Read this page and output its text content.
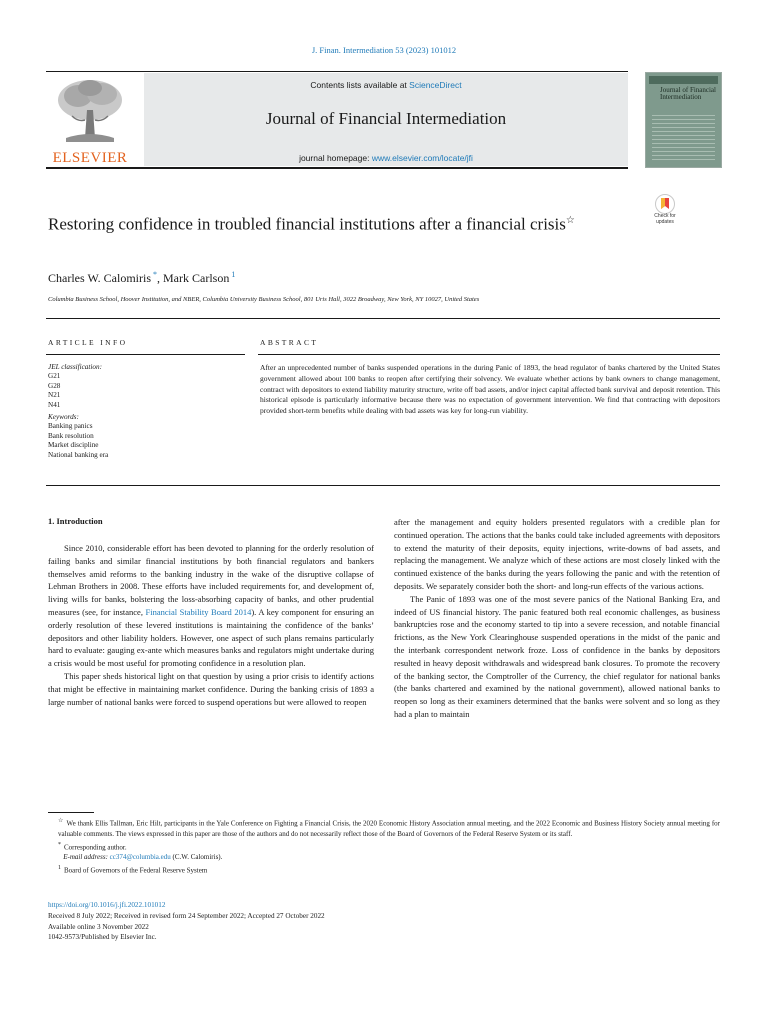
J. Finan. Intermediation 53 (2023) 101012
ELSEVIER
Contents lists available at ScienceDirect
Journal of Financial Intermediation
journal homepage: www.elsevier.com/locate/jfi
Journal of Financial Intermediation
Restoring confidence in troubled financial institutions after a financial crisis☆	Check for updates
Charles W. Calomiris *, Mark Carlson $^1$
Columbia Business School, Hoover Institution, and NBER, Columbia University Business School, 801 Uris Hall, 3022 Broadway, New York, NY 10027, United States
ARTICLE INFO	ABSTRACT
JEL classification:
G21
G28
N21
N41
Keywords:
Banking panics
Bank resolution
Market discipline
National banking era
After an unprecedented number of banks suspended operations in the during Panic of 1893, the head regulator of banks chartered by the United States government allowed about 100 banks to reopen after certifying their solvency. We evaluate whether actions by bank owners to change management, contract with depositors to extend liability maturity structure, write off bad assets, and/or inject capital affected bank survival and deposit retention. This historical episode is particularly informative because there was no expectation of government intervention. We find that contracting with depositors provided short-term benefits while dealing with bad assets was key for long-run viability.
1. Introduction

Since 2010, considerable effort has been devoted to planning for the orderly resolution of failing banks and similar financial institutions by both financial regulators and bankers themselves amid reforms to the banking industry in the wake of the disruptive collapse of Lehman Brothers in 2008. These efforts have included requirements for, and development of, living wills for banks, bolstering the loss-absorbing capacity of banks, and other prudential measures (see, for instance, Financial Stability Board 2014). A key component for ensuring an orderly resolution of these levered institutions is maintaining the confidence of the banks’ depositors and other liability holders. However, one aspect of such plans remains particularly hard to evaluate: gauging ex-ante which measures banks and regulators might undertake during a crisis would be most useful for promoting confidence in a resolution plan.

This paper sheds historical light on that question by using a prior crisis to identify actions that might be effective in maintaining market confidence. During the banking crisis of 1893 a large number of national banks were forced to suspend operations but were allowed to reopen

after the management and equity holders presented regulators with a credible plan for continued operation. The actions that the banks could take included agreements with depositors to extend the maturity of their deposits, equity injections, write-downs of bad assets, and replacing the management. We analyze which of these actions are most closely linked with the continued existence of the banks during the years following the panic and with the retention of deposits. We separately consider both the short- and long-run effects of the various actions.

The Panic of 1893 was one of the most severe panics of the National Banking Era, and indeed of US financial history. The panic featured both real economic challenges, as business bankruptcies rose and the economy started to tip into a severe recession, and notable financial frictions, as the New York Clearinghouse suspended operations in the midst of the panic and the interbank correspondent network froze. Loss of confidence in the banks by depositors resulted in heavy deposit withdrawals and widespread bank closures. To promote the recovery of the banking sector, the Comptroller of the Currency, the chief regulator for national banks (the banks chartered and examined by the national government), allowed national banks to reopen so long as their examiners determined that the banks were solvent and so long as they had a plan to maintain

☆ We thank Ellis Tallman, Eric Hilt, participants in the Yale Conference on Fighting a Financial Crisis, the 2020 Economic History Association annual meeting, and the 2022 Economic and Business History Society annual meeting for valuable comments. The views expressed in this paper are those of the authors and do not necessarily reflect those of the Board of Governors of the Federal Reserve System or its staff.
* Corresponding author.
E-mail address: cc374@columbia.edu (C.W. Calomiris).
1 Board of Governors of the Federal Reserve System
https://doi.org/10.1016/j.jfi.2022.101012
Received 8 July 2022; Received in revised form 24 September 2022; Accepted 27 October 2022
Available online 3 November 2022
1042-9573/Published by Elsevier Inc.
